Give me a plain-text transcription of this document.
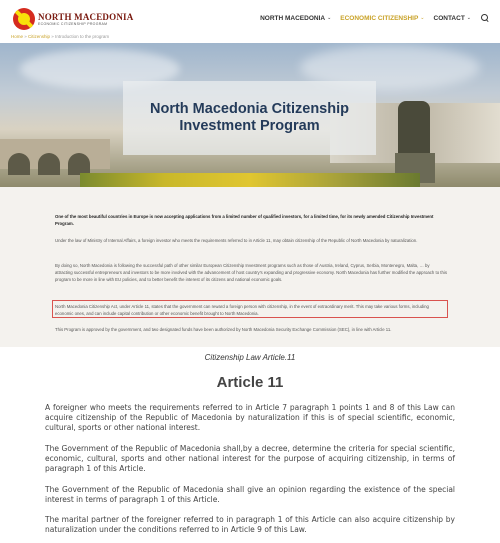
NORTH MACEDONIA
ECONOMIC CITIZENSHIP PROGRAM
NORTH MACEDONIA ⌄ ECONOMIC CITIZENSHIP ⌄ CONTACT ⌄
Home » Citizenship » Introduction to the program
North Macedonia Citizenship Investment Program

One of the most beautiful countries in Europe is now accepting applications from a limited number of qualified investors, for a limited time, for its newly amended Citizenship Investment Program.

Under the law of Ministry of Internal Affairs, a foreign investor who meets the requirements referred to in Article 11, may obtain citizenship of the Republic of North Macedonia by naturalization.

By doing so, North Macedonia is following the successful path of other similar European Citizenship Investment programs such as those of Austria, Ireland, Cyprus, Serbia, Montenegro, Malta, … by attracting successful entrepreneurs and investors to be more involved with the advancement of host country's expanding and progressive economy. North Macedonia has further modified the approach to this program to be more in line with EU policies, and to better benefit the interest of its citizens and national economic goals.

North Macedonia Citizenship Act, under Article 11, states that the government can reward a foreign person with citizenship, in the event of extraordinary merit. This may take various forms, including economic ones, and can include capital contribution or other economic benefit brought to North Macedonia.

This Program is approved by the government, and two designated funds have been authorized by North Macedonia Security Exchange Commission (SEC), in line with Article 11.

Citizenship Law Article.11
Article 11

A foreigner who meets the requirements referred to in Article 7 paragraph 1 points 1 and 8 of this Law can acquire citizenship of the Republic of Macedonia by naturalization if this is of special scientific, economic, cultural, sports or other national interest.

The Government of the Republic of Macedonia shall,by a decree, determine the criteria for special scientific, economic, cultural, sports and other national interest for the purpose of acquiring citizenship, in terms of paragraph 1 of this Article.

The Government of the Republic of Macedonia shall give an opinion regarding the existence of the special interest in terms of paragraph 1 of this Article.

The marital partner of the foreigner referred to in paragraph 1 of this Article can also acquire citizenship by naturalization under the conditions referred to in Article 9 of this Law.
